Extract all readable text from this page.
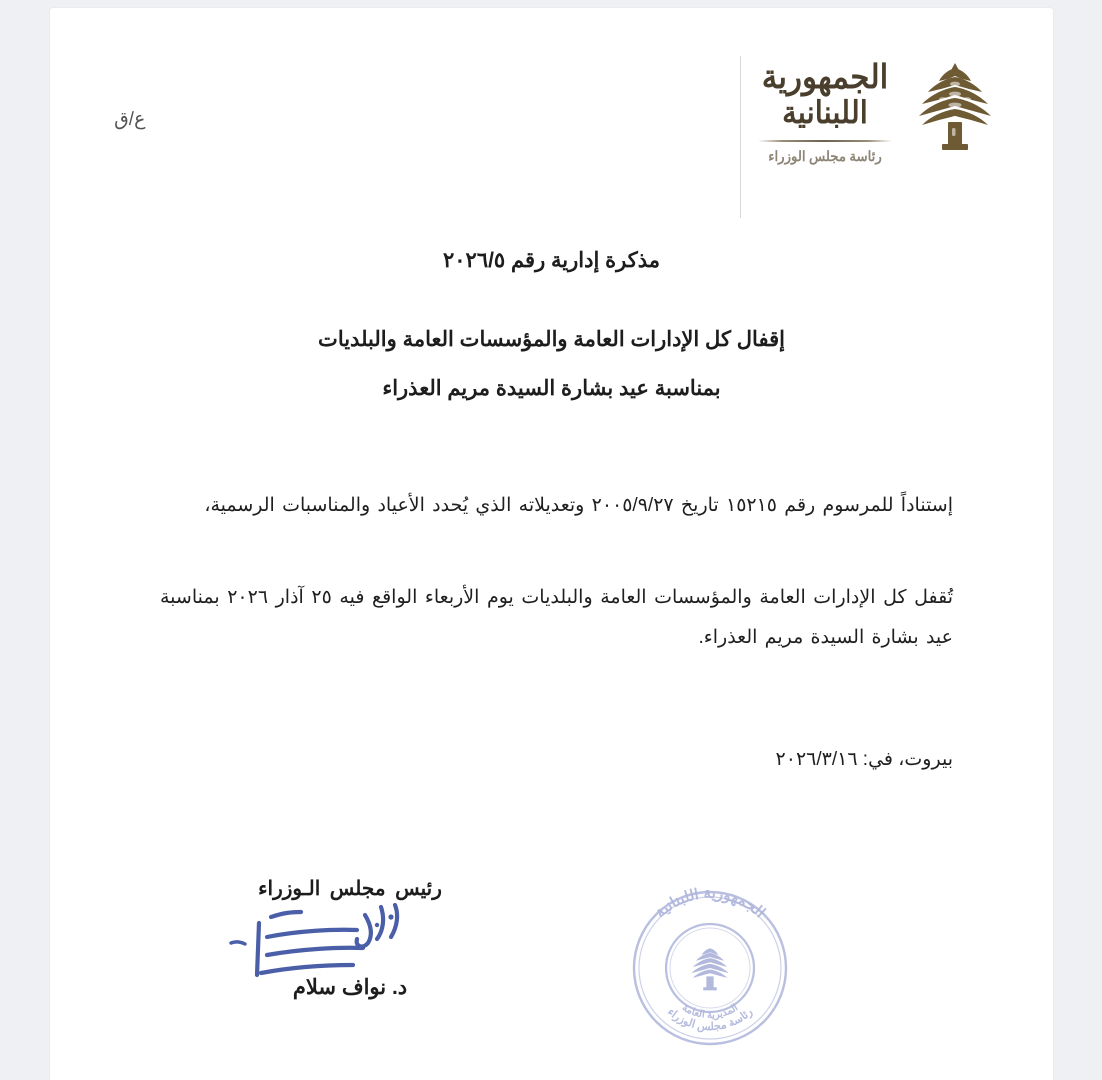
ع/ق
الجمهورية
اللبنانية
رئاسة مجلس الوزراء
مذكرة إدارية رقم ٢٠٢٦/٥
إقفال كل الإدارات العامة والمؤسسات العامة والبلديات
بمناسبة عيد بشارة السيدة مريم العذراء

إستناداً للمرسوم رقم ١٥٢١٥ تاريخ ٢٠٠٥/٩/٢٧ وتعديلاته الذي يُحدد الأعياد والمناسبات الرسمية،

تُقفل كل الإدارات العامة والمؤسسات العامة والبلديات يوم الأربعاء الواقع فيه ٢٥ آذار ٢٠٢٦ بمناسبة عيد بشارة السيدة مريم العذراء.

بيروت، في: ٢٠٢٦/٣/١٦
رئيس مجلس الـوزراء
د. نواف سلام
الجمهورية اللبنانية
رئاسة مجلس الوزراء
المديرية العامة
